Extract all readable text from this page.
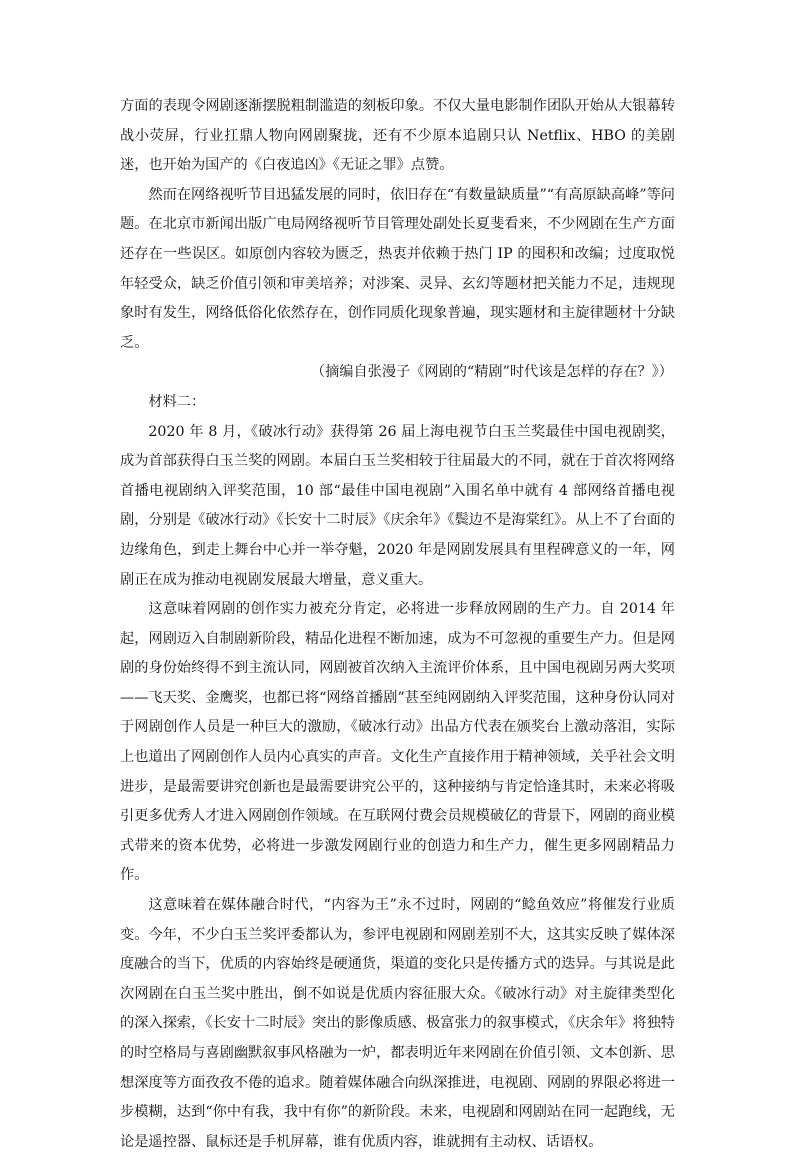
方面的表现令网剧逐渐摆脱粗制滥造的刻板印象。不仅大量电影制作团队开始从大银幕转战小荧屏，行业扛鼎人物向网剧聚拢，还有不少原本追剧只认 Netflix、HBO 的美剧迷，也开始为国产的《白夜追凶》《无证之罪》点赞。

然而在网络视听节目迅猛发展的同时，依旧存在“有数量缺质量”“有高原缺高峰”等问题。在北京市新闻出版广电局网络视听节目管理处副处长夏斐看来，不少网剧在生产方面还存在一些误区。如原创内容较为匮乏，热衷并依赖于热门 IP 的囤积和改编；过度取悦年轻受众，缺乏价值引领和审美培养；对涉案、灵异、玄幻等题材把关能力不足，违规现象时有发生，网络低俗化依然存在，创作同质化现象普遍，现实题材和主旋律题材十分缺乏。

（摘编自张漫子《网剧的“精剧”时代该是怎样的存在？》）

材料二：

2020 年 8 月，《破冰行动》获得第 26 届上海电视节白玉兰奖最佳中国电视剧奖，成为首部获得白玉兰奖的网剧。本届白玉兰奖相较于往届最大的不同，就在于首次将网络首播电视剧纳入评奖范围，10 部“最佳中国电视剧”入围名单中就有 4 部网络首播电视剧，分别是《破冰行动》《长安十二时辰》《庆余年》《鬓边不是海棠红》。从上不了台面的边缘角色，到走上舞台中心并一举夺魁，2020 年是网剧发展具有里程碑意义的一年，网剧正在成为推动电视剧发展最大增量，意义重大。

这意味着网剧的创作实力被充分肯定，必将进一步释放网剧的生产力。自 2014 年起，网剧迈入自制剧新阶段，精品化进程不断加速，成为不可忽视的重要生产力。但是网剧的身份始终得不到主流认同，网剧被首次纳入主流评价体系，且中国电视剧另两大奖项——飞天奖、金鹰奖，也都已将“网络首播剧”甚至纯网剧纳入评奖范围，这种身份认同对于网剧创作人员是一种巨大的激励，《破冰行动》出品方代表在颁奖台上激动落泪，实际上也道出了网剧创作人员内心真实的声音。文化生产直接作用于精神领域，关乎社会文明进步，是最需要讲究创新也是最需要讲究公平的，这种接纳与肯定恰逢其时，未来必将吸引更多优秀人才进入网剧创作领域。在互联网付费会员规模破亿的背景下，网剧的商业模式带来的资本优势，必将进一步激发网剧行业的创造力和生产力，催生更多网剧精品力作。

这意味着在媒体融合时代，“内容为王”永不过时，网剧的“鲶鱼效应”将催发行业质变。今年，不少白玉兰奖评委都认为，参评电视剧和网剧差别不大，这其实反映了媒体深度融合的当下，优质的内容始终是硬通货，渠道的变化只是传播方式的迭异。与其说是此次网剧在白玉兰奖中胜出，倒不如说是优质内容征服大众。《破冰行动》对主旋律类型化的深入探索，《长安十二时辰》突出的影像质感、极富张力的叙事模式，《庆余年》将独特的时空格局与喜剧幽默叙事风格融为一炉，都表明近年来网剧在价值引领、文本创新、思想深度等方面孜孜不倦的追求。随着媒体融合向纵深推进，电视剧、网剧的界限必将进一步模糊，达到“你中有我，我中有你”的新阶段。未来，电视剧和网剧站在同一起跑线，无论是遥控器、鼠标还是手机屏幕，谁有优质内容，谁就拥有主动权、话语权。
